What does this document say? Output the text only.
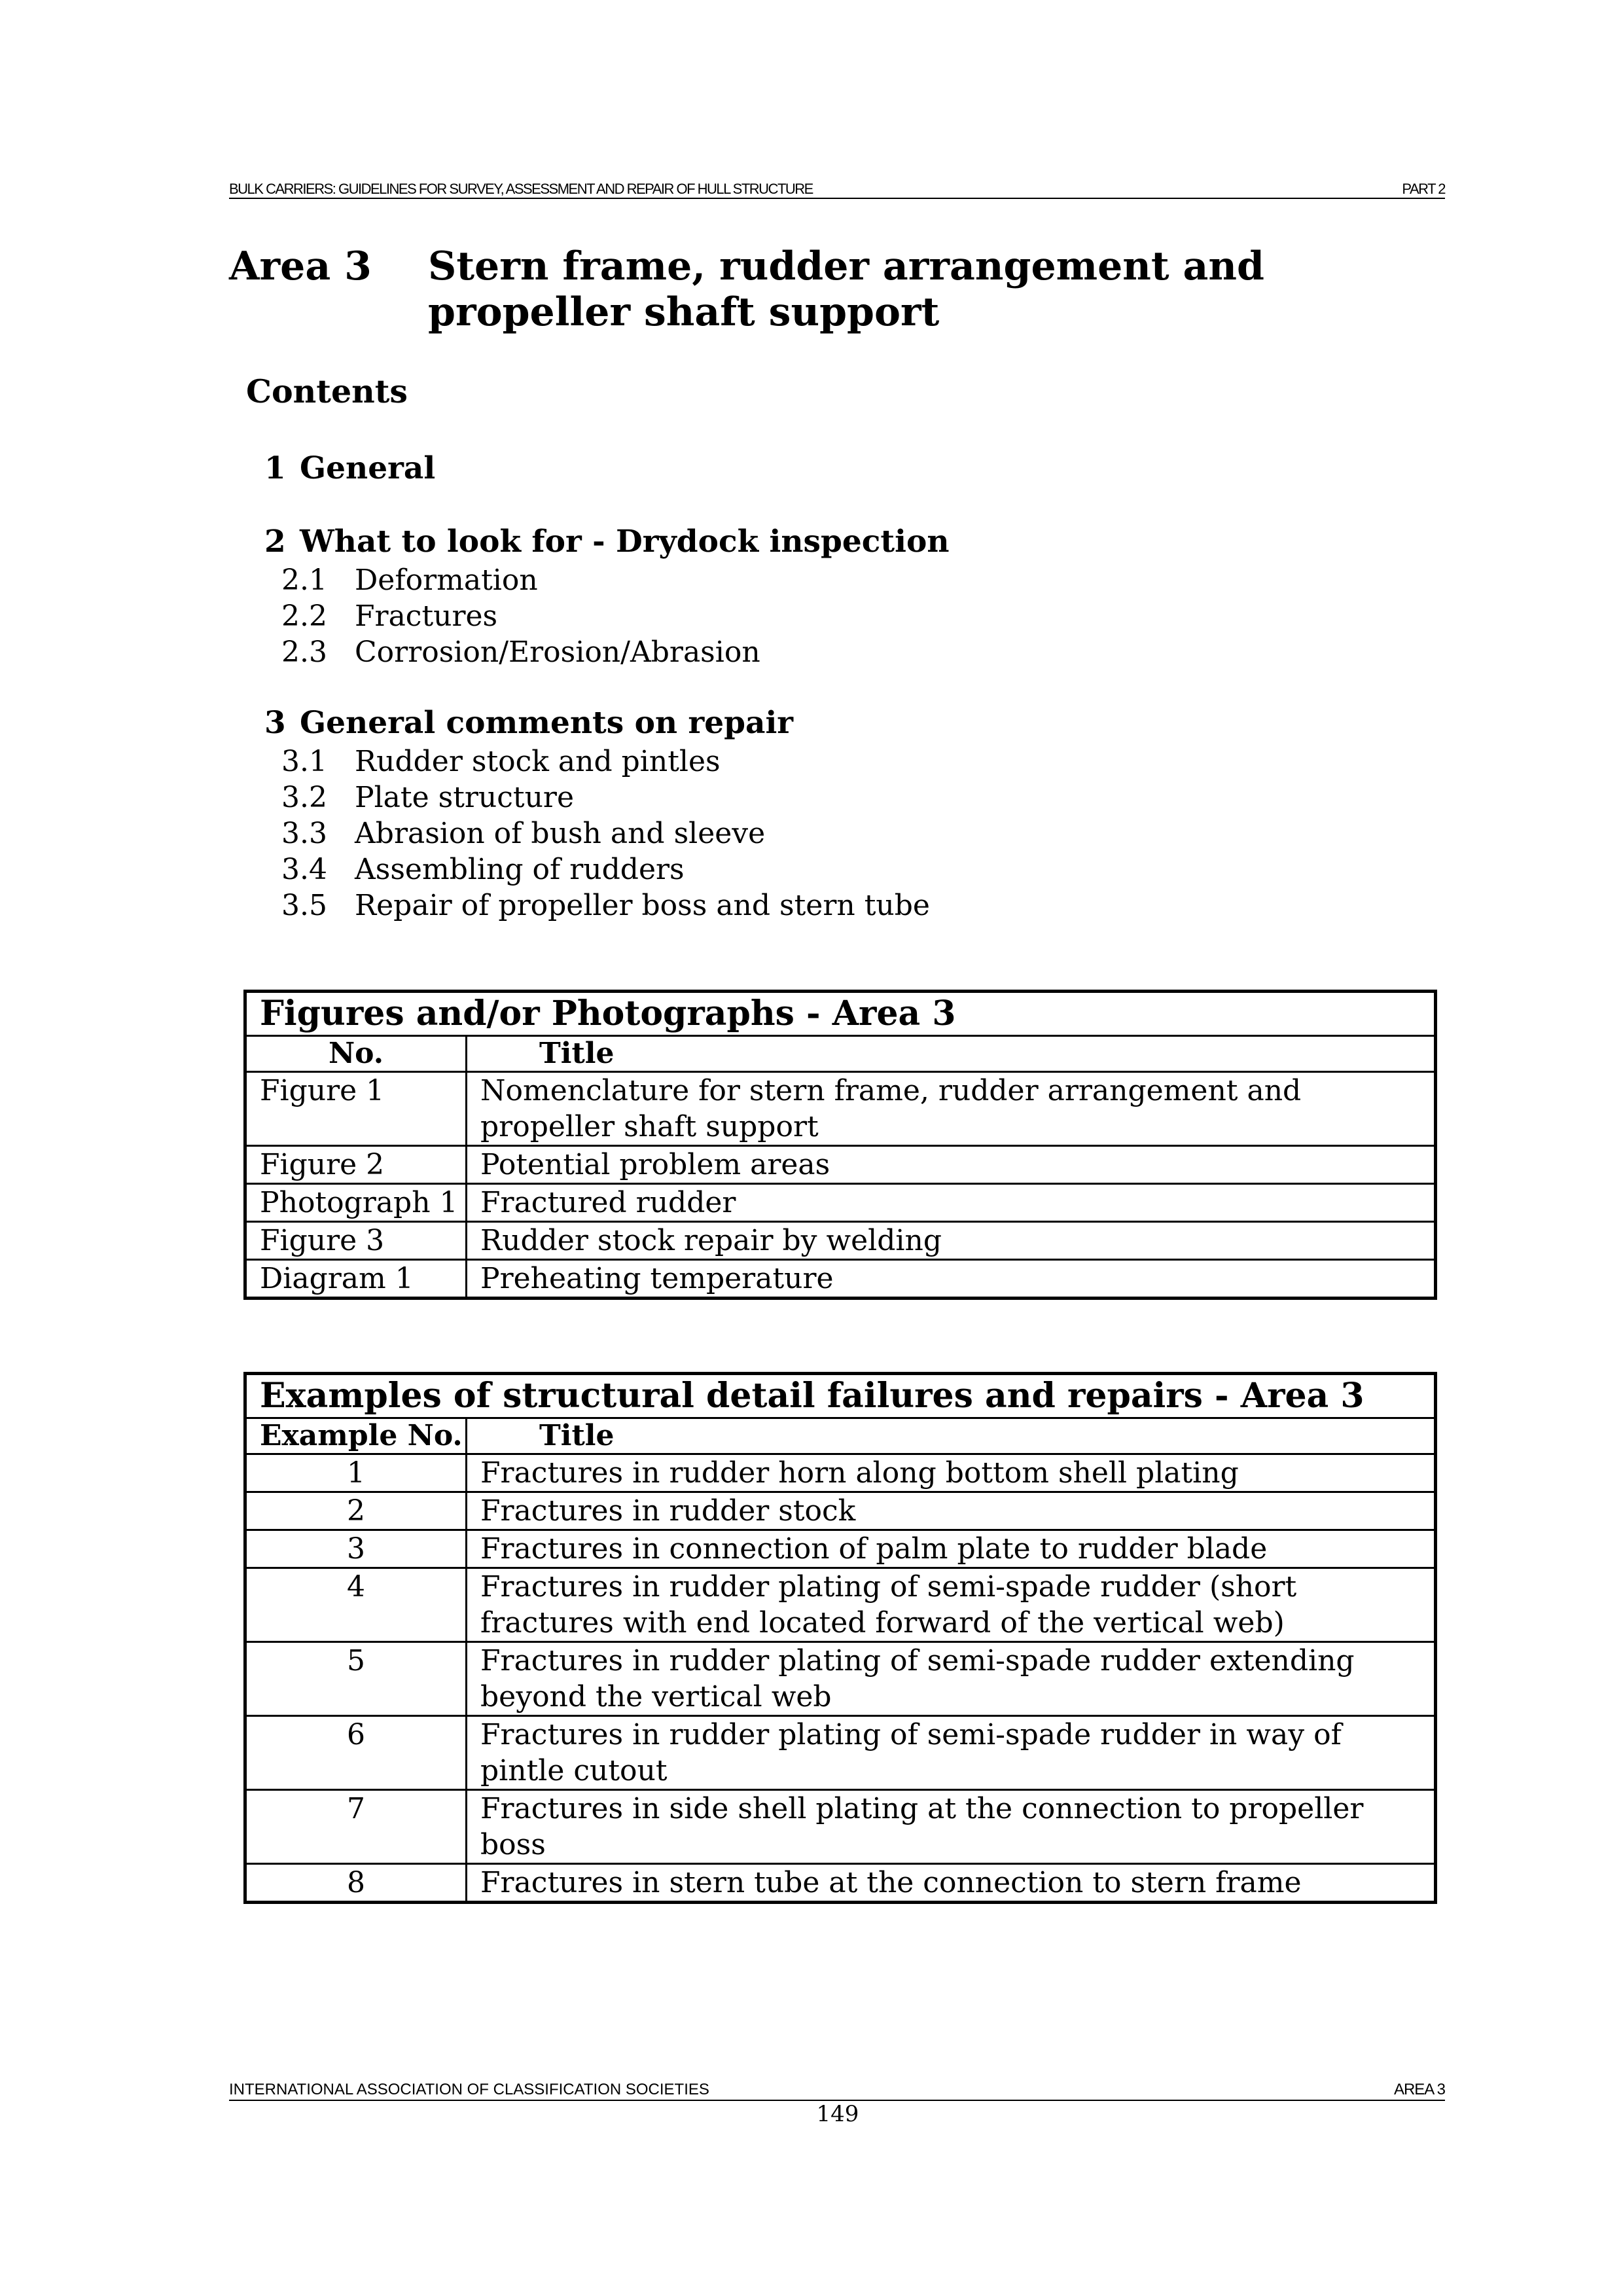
BULK CARRIERS: GUIDELINES FOR SURVEY, ASSESSMENT AND REPAIR OF HULL STRUCTURE	PART 2
Area 3 Stern frame, rudder arrangement and propeller shaft support
Contents
1 General
2 What to look for - Drydock inspection
2.1 Deformation
2.2 Fractures
2.3 Corrosion/Erosion/Abrasion
3 General comments on repair
3.1 Rudder stock and pintles
3.2 Plate structure
3.3 Abrasion of bush and sleeve
3.4 Assembling of rudders
3.5 Repair of propeller boss and stern tube
Figures and/or Photographs - Area 3	
No.	Title
Figure 1	Nomenclature for stern frame, rudder arrangement and propeller shaft support
Figure 2	Potential problem areas
Photograph 1	Fractured rudder
Figure 3	Rudder stock repair by welding
Diagram 1	Preheating temperature
Examples of structural detail failures and repairs - Area 3	
Example No.	Title
1	Fractures in rudder horn along bottom shell plating
2	Fractures in rudder stock
3	Fractures in connection of palm plate to rudder blade
4	Fractures in rudder plating of semi-spade rudder (short fractures with end located forward of the vertical web)
5	Fractures in rudder plating of semi-spade rudder extending beyond the vertical web
6	Fractures in rudder plating of semi-spade rudder in way of pintle cutout
7	Fractures in side shell plating at the connection to propeller boss
8	Fractures in stern tube at the connection to stern frame
INTERNATIONAL ASSOCIATION OF CLASSIFICATION SOCIETIES	AREA 3
149
